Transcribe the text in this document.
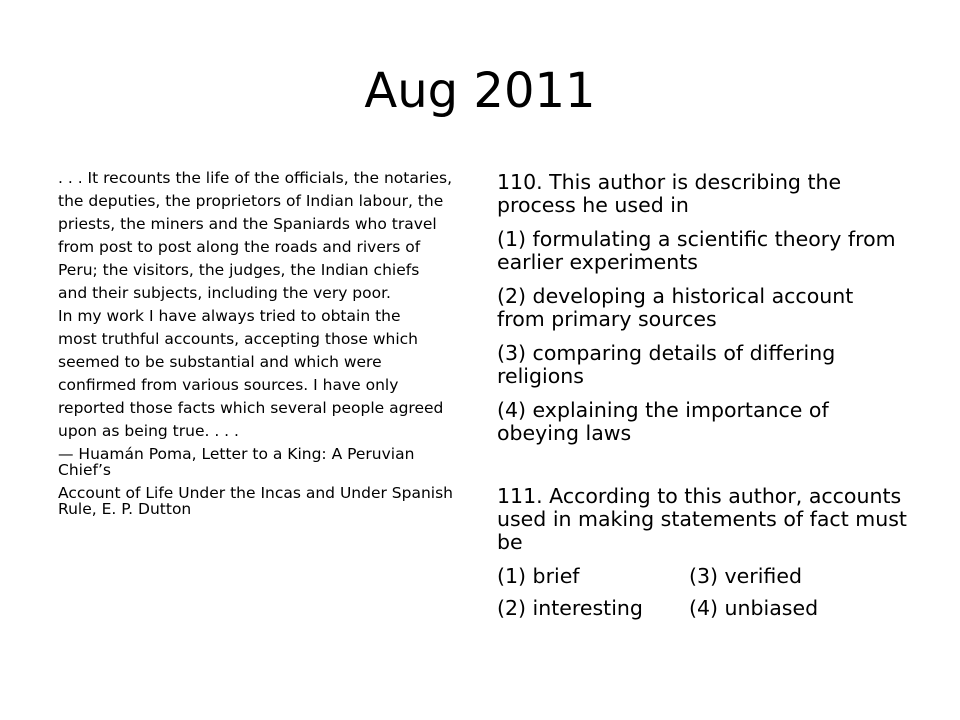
Aug 2011
. . . It recounts the life of the officials, the notaries,
the deputies, the proprietors of Indian labour, the
priests, the miners and the Spaniards who travel
from post to post along the roads and rivers of
Peru; the visitors, the judges, the Indian chiefs
and their subjects, including the very poor.
In my work I have always tried to obtain the
most truthful accounts, accepting those which
seemed to be substantial and which were
confirmed from various sources. I have only
reported those facts which several people agreed
upon as being true. . . .
— Huamán Poma, Letter to a King: A Peruvian Chief’s
Account of Life Under the Incas and Under Spanish Rule, E. P. Dutton
110. This author is describing the process he used in
(1) formulating a scientific theory from earlier experiments
(2) developing a historical account from primary sources
(3) comparing details of differing religions
(4) explaining the importance of obeying laws
111. According to this author, accounts used in making statements of fact must be
(1) brief	(3) verified
(2) interesting	(4) unbiased
